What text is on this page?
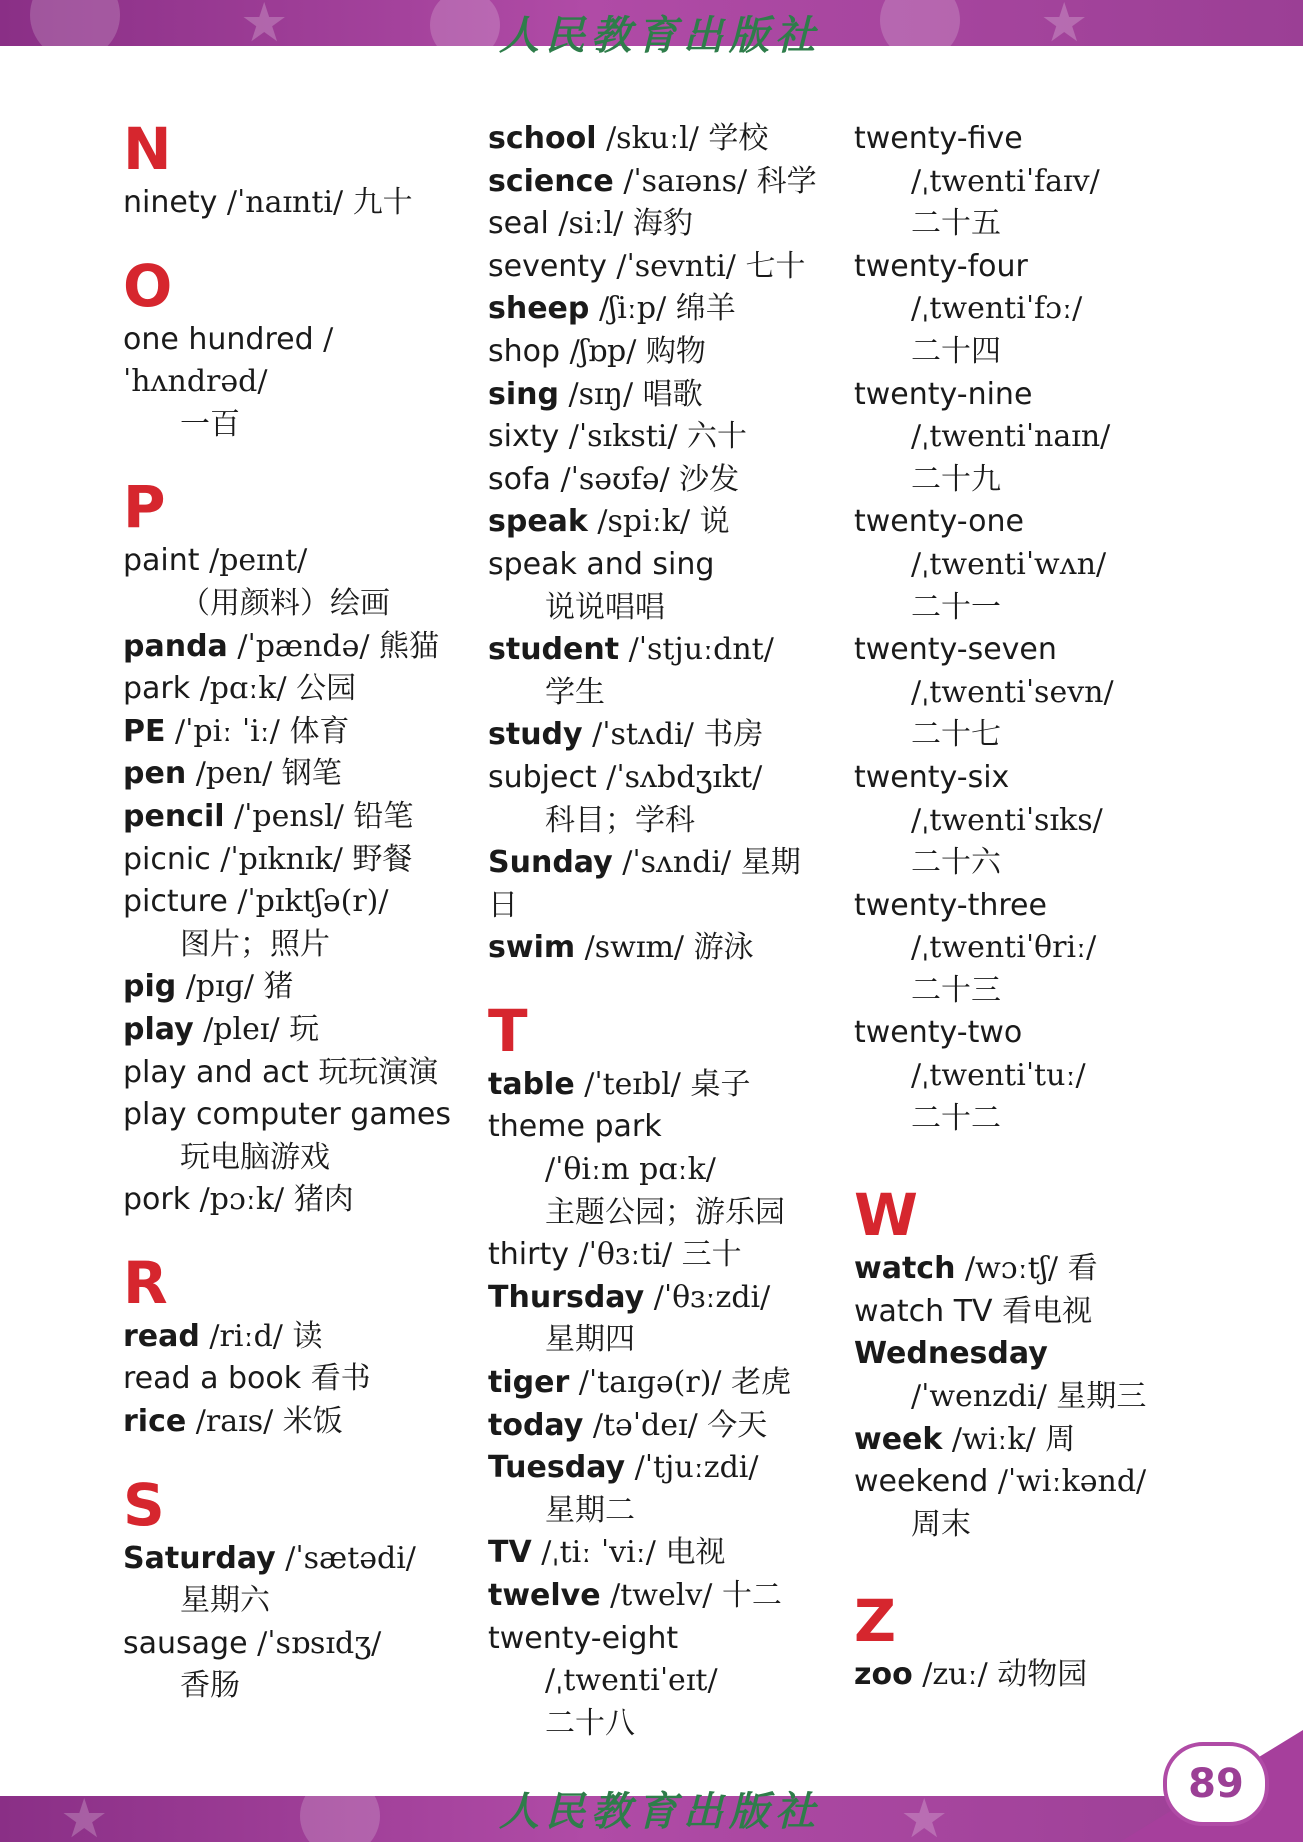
★	★
人民教育出版社
N
ninety /ˈnaɪnti/ 九十
O
one hundred /ˈhʌndrəd/
一百
P
paint /peɪnt/
（用颜料）绘画
panda /ˈpændə/ 熊猫
park /pɑːk/ 公园
PE /ˈpiː ˈiː/ 体育
pen /pen/ 钢笔
pencil /ˈpensl/ 铅笔
picnic /ˈpɪknɪk/ 野餐
picture /ˈpɪktʃə(r)/
图片；照片
pig /pɪɡ/ 猪
play /pleɪ/ 玩
play and act 玩玩演演
play computer games
玩电脑游戏
pork /pɔːk/ 猪肉
R
read /riːd/ 读
read a book 看书
rice /raɪs/ 米饭
S
Saturday /ˈsætədi/
星期六
sausage /ˈsɒsɪdʒ/
香肠
school /skuːl/ 学校
science /ˈsaɪəns/ 科学
seal /siːl/ 海豹
seventy /ˈsevnti/ 七十
sheep /ʃiːp/ 绵羊
shop /ʃɒp/ 购物
sing /sɪŋ/ 唱歌
sixty /ˈsɪksti/ 六十
sofa /ˈsəʊfə/ 沙发
speak /spiːk/ 说
speak and sing
说说唱唱
student /ˈstjuːdnt/
学生
study /ˈstʌdi/ 书房
subject /ˈsʌbdʒɪkt/
科目；学科
Sunday /ˈsʌndi/ 星期日
swim /swɪm/ 游泳
T
table /ˈteɪbl/ 桌子
theme park
/ˈθiːm pɑːk/
主题公园；游乐园
thirty /ˈθɜːti/ 三十
Thursday /ˈθɜːzdi/
星期四
tiger /ˈtaɪɡə(r)/ 老虎
today /təˈdeɪ/ 今天
Tuesday /ˈtjuːzdi/
星期二
TV /ˌtiː ˈviː/ 电视
twelve /twelv/ 十二
twenty-eight
/ˌtwentiˈeɪt/
二十八
twenty-five
/ˌtwentiˈfaɪv/
二十五
twenty-four
/ˌtwentiˈfɔː/
二十四
twenty-nine
/ˌtwentiˈnaɪn/
二十九
twenty-one
/ˌtwentiˈwʌn/
二十一
twenty-seven
/ˌtwentiˈsevn/
二十七
twenty-six
/ˌtwentiˈsɪks/
二十六
twenty-three
/ˌtwentiˈθriː/
二十三
twenty-two
/ˌtwentiˈtuː/
二十二
W
watch /wɔːtʃ/ 看
watch TV 看电视
Wednesday
/ˈwenzdi/ 星期三
week /wiːk/ 周
weekend /ˈwiːkənd/
周末
Z
zoo /zuː/ 动物园
★	★
人民教育出版社
89
